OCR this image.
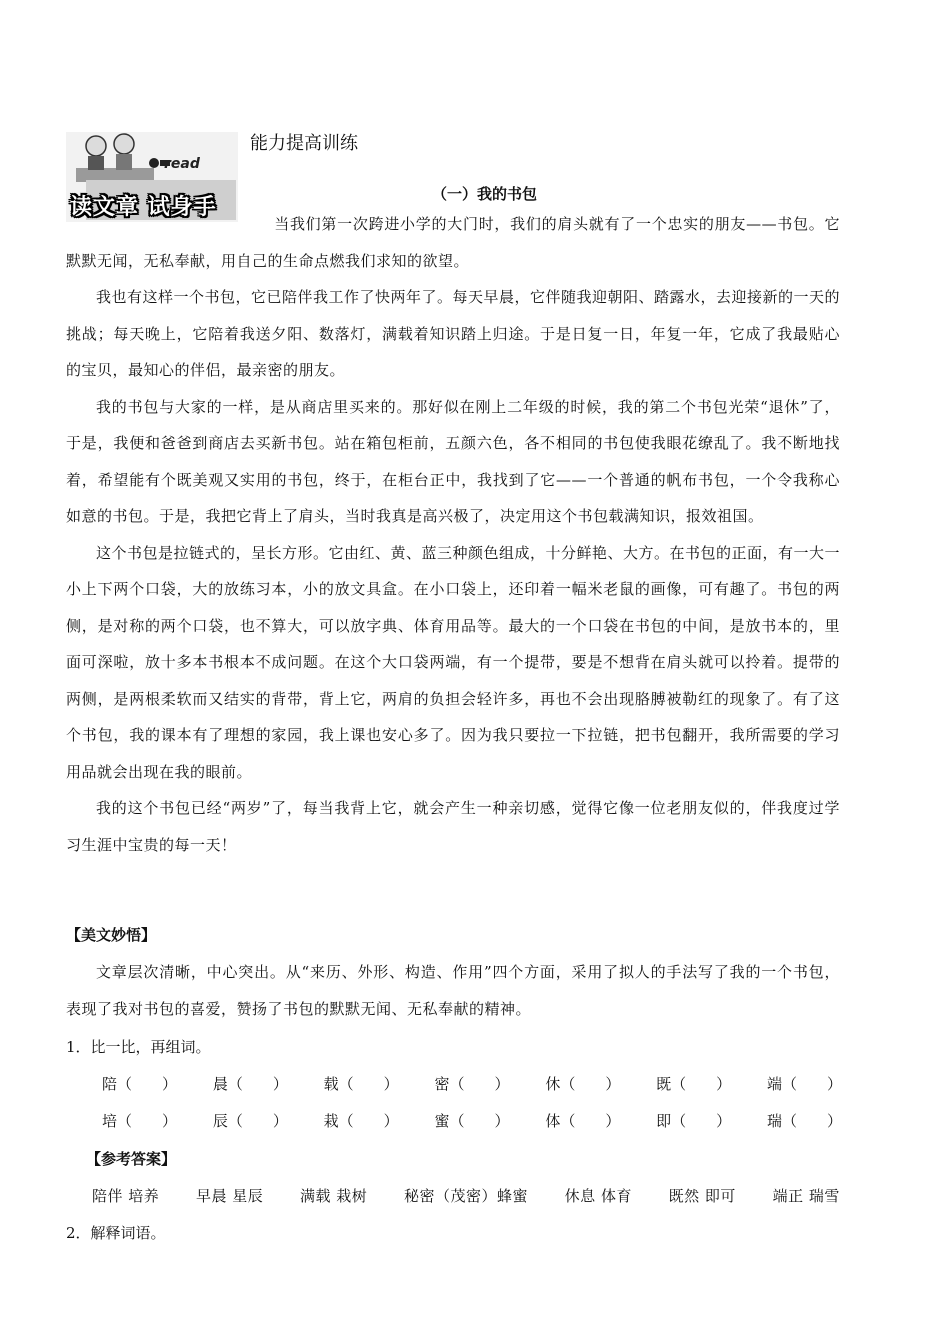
read
读文章 试身手
能力提高训练
（一）我的书包

当我们第一次跨进小学的大门时，我们的肩头就有了一个忠实的朋友——书包。它默默无闻，无私奉献，用自己的生命点燃我们求知的欲望。

我也有这样一个书包，它已陪伴我工作了快两年了。每天早晨，它伴随我迎朝阳、踏露水，去迎接新的一天的挑战；每天晚上，它陪着我送夕阳、数落灯，满载着知识踏上归途。于是日复一日，年复一年，它成了我最贴心的宝贝，最知心的伴侣，最亲密的朋友。

我的书包与大家的一样，是从商店里买来的。那好似在刚上二年级的时候，我的第二个书包光荣“退休”了，于是，我便和爸爸到商店去买新书包。站在箱包柜前，五颜六色，各不相同的书包使我眼花缭乱了。我不断地找着，希望能有个既美观又实用的书包，终于，在柜台正中，我找到了它——一个普通的帆布书包，一个令我称心如意的书包。于是，我把它背上了肩头，当时我真是高兴极了，决定用这个书包载满知识，报效祖国。

这个书包是拉链式的，呈长方形。它由红、黄、蓝三种颜色组成，十分鲜艳、大方。在书包的正面，有一大一小上下两个口袋，大的放练习本，小的放文具盒。在小口袋上，还印着一幅米老鼠的画像，可有趣了。书包的两侧，是对称的两个口袋，也不算大，可以放字典、体育用品等。最大的一个口袋在书包的中间，是放书本的，里面可深啦，放十多本书根本不成问题。在这个大口袋两端，有一个提带，要是不想背在肩头就可以拎着。提带的两侧，是两根柔软而又结实的背带，背上它，两肩的负担会轻许多，再也不会出现胳膊被勒红的现象了。有了这个书包，我的课本有了理想的家园，我上课也安心多了。因为我只要拉一下拉链，把书包翻开，我所需要的学习用品就会出现在我的眼前。

我的这个书包已经“两岁”了，每当我背上它，就会产生一种亲切感，觉得它像一位老朋友似的，伴我度过学习生涯中宝贵的每一天！

【美文妙悟】

文章层次清晰，中心突出。从“来历、外形、构造、作用”四个方面，采用了拟人的手法写了我的一个书包，表现了我对书包的喜爱，赞扬了书包的默默无闻、无私奉献的精神。

1．比一比，再组词。
陪（　　） 晨（　　） 载（　　） 密（　　） 休（　　） 既（　　） 端（　　）
培（　　） 辰（　　） 栽（　　） 蜜（　　） 体（　　） 即（　　） 瑞（　　）
【参考答案】
陪伴 培养 早晨 星辰 满载 栽树 秘密（茂密）蜂蜜 休息 体育 既然 即可 端正 瑞雪
2．解释词语。
